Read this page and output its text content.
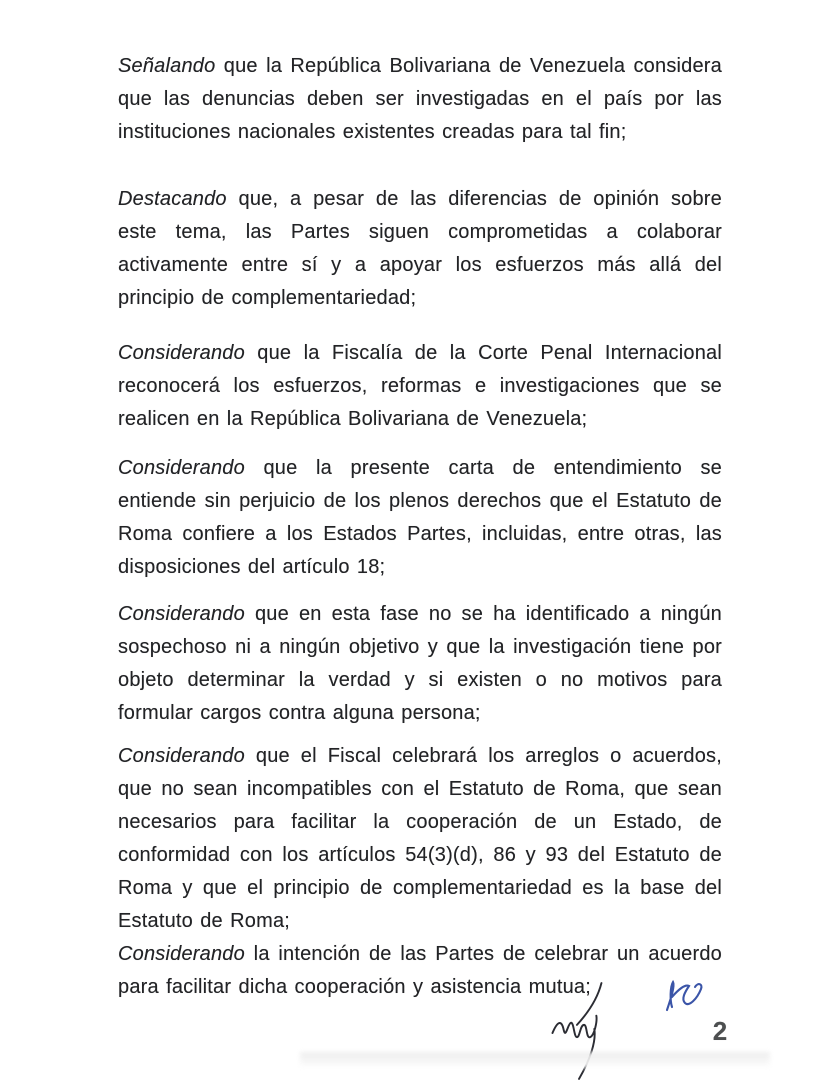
Señalando que la República Bolivariana de Venezuela considera que las denuncias deben ser investigadas en el país por las instituciones nacionales existentes creadas para tal fin;

Destacando que, a pesar de las diferencias de opinión sobre este tema, las Partes siguen comprometidas a colaborar activamente entre sí y a apoyar los esfuerzos más allá del principio de complementariedad;

Considerando que la Fiscalía de la Corte Penal Internacional reconocerá los esfuerzos, reformas e investigaciones que se realicen en la República Bolivariana de Venezuela;

Considerando que la presente carta de entendimiento se entiende sin perjuicio de los plenos derechos que el Estatuto de Roma confiere a los Estados Partes, incluidas, entre otras, las disposiciones del artículo 18;

Considerando que en esta fase no se ha identificado a ningún sospechoso ni a ningún objetivo y que la investigación tiene por objeto determinar la verdad y si existen o no motivos para formular cargos contra alguna persona;

Considerando que el Fiscal celebrará los arreglos o acuerdos, que no sean incompatibles con el Estatuto de Roma, que sean necesarios para facilitar la cooperación de un Estado, de conformidad con los artículos 54(3)(d), 86 y 93 del Estatuto de Roma y que el principio de complementariedad es la base del Estatuto de Roma;

Considerando la intención de las Partes de celebrar un acuerdo para facilitar dicha cooperación y asistencia mutua;

2
